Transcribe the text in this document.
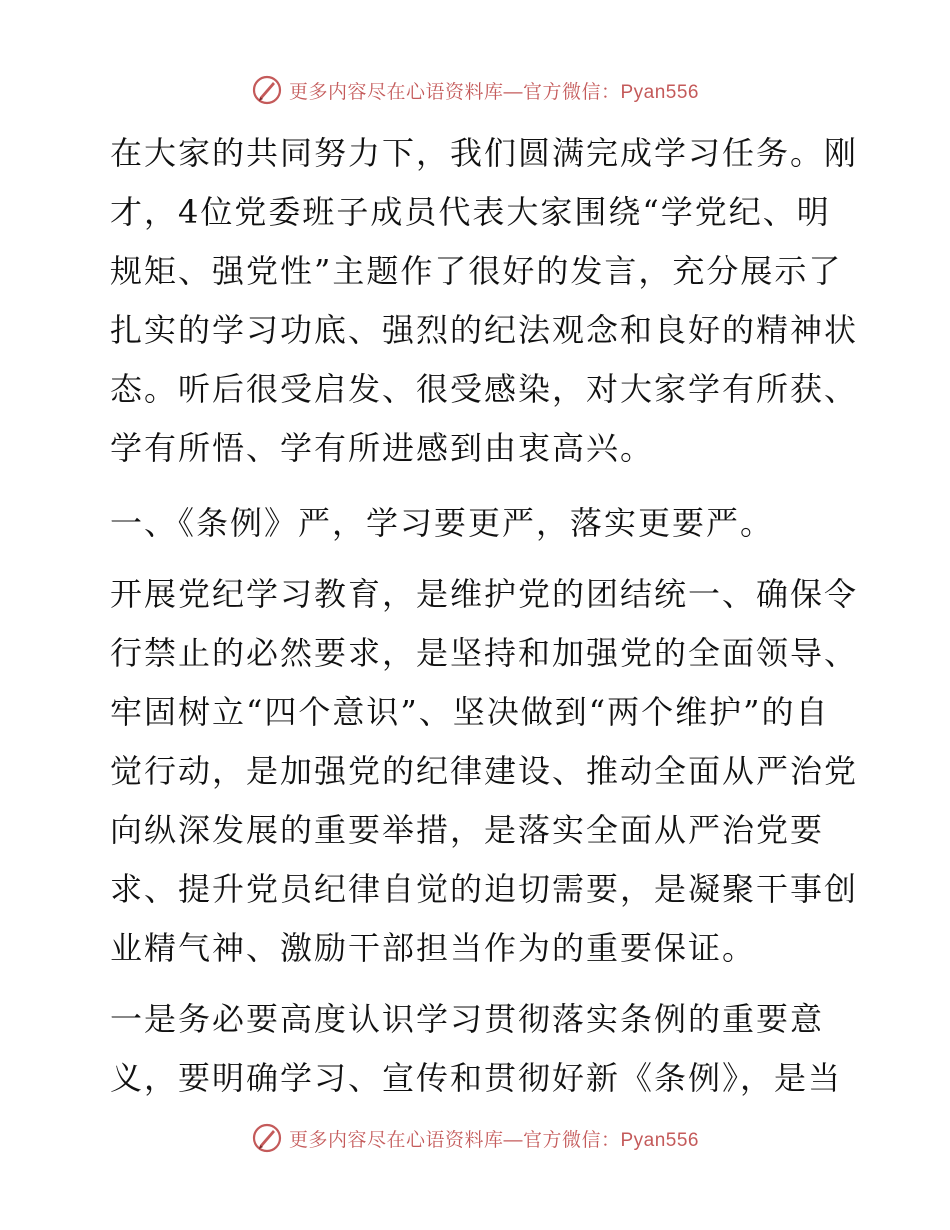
更多内容尽在心语资料库—官方微信：Pyan556

在大家的共同努力下，我们圆满完成学习任务。刚才，4位党委班子成员代表大家围绕“学党纪、明规矩、强党性”主题作了很好的发言，充分展示了扎实的学习功底、强烈的纪法观念和良好的精神状态。听后很受启发、很受感染，对大家学有所获、学有所悟、学有所进感到由衷高兴。

一、《条例》严，学习要更严，落实更要严。

开展党纪学习教育，是维护党的团结统一、确保令行禁止的必然要求，是坚持和加强党的全面领导、牢固树立“四个意识”、坚决做到“两个维护”的自觉行动，是加强党的纪律建设、推动全面从严治党向纵深发展的重要举措，是落实全面从严治党要求、提升党员纪律自觉的迫切需要，是凝聚干事创业精气神、激励干部担当作为的重要保证。

一是务必要高度认识学习贯彻落实条例的重要意义，要明确学习、宣传和贯彻好新《条例》，是当

更多内容尽在心语资料库—官方微信：Pyan556
